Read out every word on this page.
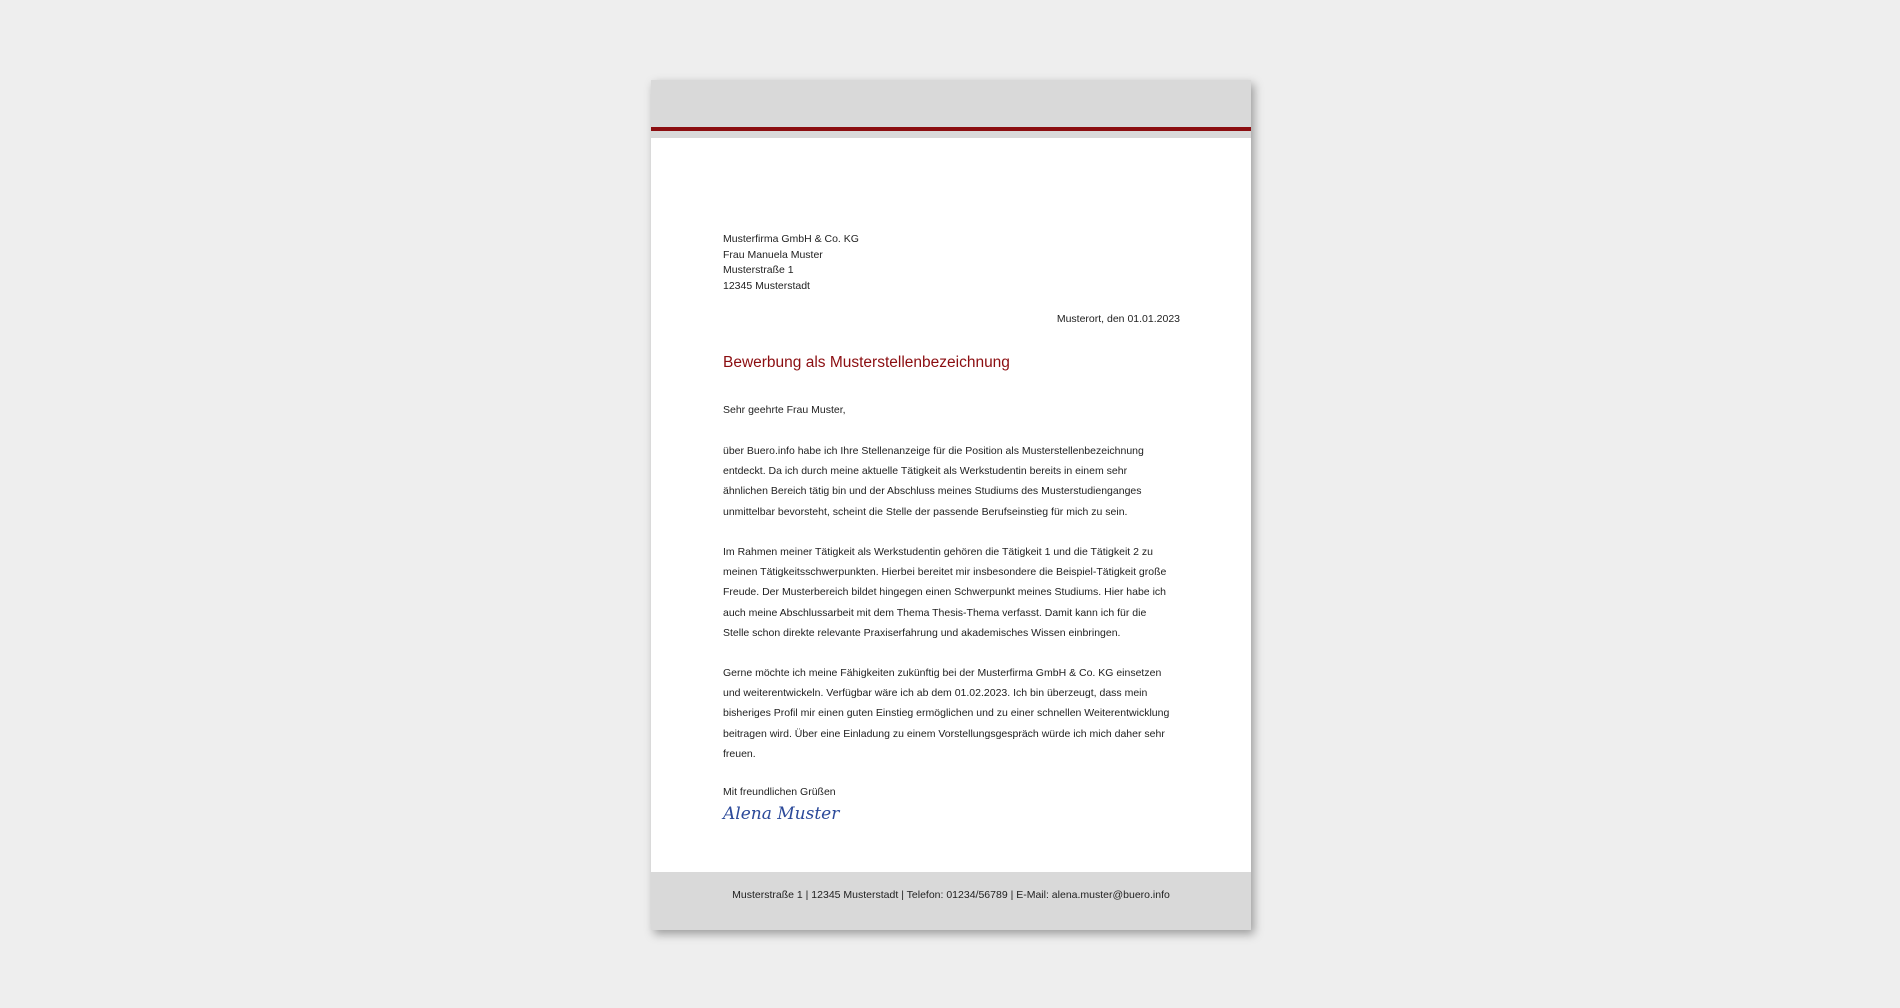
Musterfirma GmbH & Co. KG
Frau Manuela Muster
Musterstraße 1
12345 Musterstadt
Musterort, den 01.01.2023
Bewerbung als Musterstellenbezeichnung
Sehr geehrte Frau Muster,
über Buero.info habe ich Ihre Stellenanzeige für die Position als Musterstellenbezeichnung
entdeckt. Da ich durch meine aktuelle Tätigkeit als Werkstudentin bereits in einem sehr
ähnlichen Bereich tätig bin und der Abschluss meines Studiums des Musterstudienganges
unmittelbar bevorsteht, scheint die Stelle der passende Berufseinstieg für mich zu sein.
Im Rahmen meiner Tätigkeit als Werkstudentin gehören die Tätigkeit 1 und die Tätigkeit 2 zu
meinen Tätigkeitsschwerpunkten. Hierbei bereitet mir insbesondere die Beispiel-Tätigkeit große
Freude. Der Musterbereich bildet hingegen einen Schwerpunkt meines Studiums. Hier habe ich
auch meine Abschlussarbeit mit dem Thema Thesis-Thema verfasst. Damit kann ich für die
Stelle schon direkte relevante Praxiserfahrung und akademisches Wissen einbringen.
Gerne möchte ich meine Fähigkeiten zukünftig bei der Musterfirma GmbH & Co. KG einsetzen
und weiterentwickeln. Verfügbar wäre ich ab dem 01.02.2023. Ich bin überzeugt, dass mein
bisheriges Profil mir einen guten Einstieg ermöglichen und zu einer schnellen Weiterentwicklung
beitragen wird. Über eine Einladung zu einem Vorstellungsgespräch würde ich mich daher sehr
freuen.
Mit freundlichen Grüßen
Alena Muster
Musterstraße 1 | 12345 Musterstadt | Telefon: 01234/56789 | E-Mail: alena.muster@buero.info
